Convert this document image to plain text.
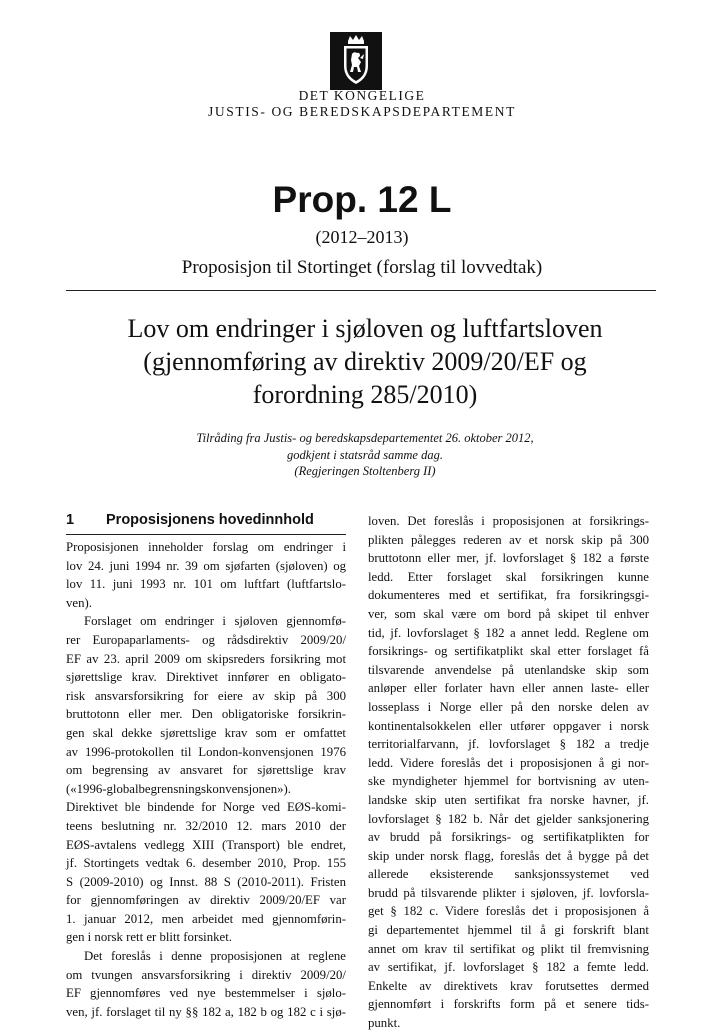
DET KONGELIGE
JUSTIS- OG BEREDSKAPSDEPARTEMENT
Prop. 12 L
(2012–2013)
Proposisjon til Stortinget (forslag til lovvedtak)
Lov om endringer i sjøloven og luftfartsloven
(gjennomføring av direktiv 2009/20/EF og
forordning 285/2010)
Tilråding fra Justis- og beredskapsdepartementet 26. oktober 2012,
godkjent i statsråd samme dag.
(Regjeringen Stoltenberg II)
1 Proposisjonens hovedinnhold
Proposisjonen inneholder forslag om endringer i
lov 24. juni 1994 nr. 39 om sjøfarten (sjøloven) og
lov 11. juni 1993 nr. 101 om luftfart (luftfartslo-
ven).
Forslaget om endringer i sjøloven gjennomfø-
rer Europaparlaments- og rådsdirektiv 2009/20/
EF av 23. april 2009 om skipsreders forsikring mot
sjørettslige krav. Direktivet innfører en obligato-
risk ansvarsforsikring for eiere av skip på 300
bruttotonn eller mer. Den obligatoriske forsikrin-
gen skal dekke sjørettslige krav som er omfattet
av 1996-protokollen til London-konvensjonen 1976
om begrensing av ansvaret for sjørettslige krav
(«1996-globalbegrensningskonvensjonen»).
Direktivet ble bindende for Norge ved EØS-komi-
teens beslutning nr. 32/2010 12. mars 2010 der
EØS-avtalens vedlegg XIII (Transport) ble endret,
jf. Stortingets vedtak 6. desember 2010, Prop. 155
S (2009-2010) og Innst. 88 S (2010-2011). Fristen
for gjennomføringen av direktiv 2009/20/EF var
1. januar 2012, men arbeidet med gjennomførin-
gen i norsk rett er blitt forsinket.
Det foreslås i denne proposisjonen at reglene
om tvungen ansvarsforsikring i direktiv 2009/20/
EF gjennomføres ved nye bestemmelser i sjølo-
ven, jf. forslaget til ny §§ 182 a, 182 b og 182 c i sjø-
loven. Det foreslås i proposisjonen at forsikrings-
plikten pålegges rederen av et norsk skip på 300
bruttotonn eller mer, jf. lovforslaget § 182 a første
ledd. Etter forslaget skal forsikringen kunne
dokumenteres med et sertifikat, fra forsikringsgi-
ver, som skal være om bord på skipet til enhver
tid, jf. lovforslaget § 182 a annet ledd. Reglene om
forsikrings- og sertifikatplikt skal etter forslaget få
tilsvarende anvendelse på utenlandske skip som
anløper eller forlater havn eller annen laste- eller
losseplass i Norge eller på den norske delen av
kontinentalsokkelen eller utfører oppgaver i norsk
territorialfarvann, jf. lovforslaget § 182 a tredje
ledd. Videre foreslås det i proposisjonen å gi nor-
ske myndigheter hjemmel for bortvisning av uten-
landske skip uten sertifikat fra norske havner, jf.
lovforslaget § 182 b. Når det gjelder sanksjonering
av brudd på forsikrings- og sertifikatplikten for
skip under norsk flagg, foreslås det å bygge på det
allerede eksisterende sanksjonssystemet ved
brudd på tilsvarende plikter i sjøloven, jf. lovforsla-
get § 182 c. Videre foreslås det i proposisjonen å
gi departementet hjemmel til å gi forskrift blant
annet om krav til sertifikat og plikt til fremvisning
av sertifikat, jf. lovforslaget § 182 a femte ledd.
Enkelte av direktivets krav forutsettes dermed
gjennomført i forskrifts form på et senere tids-
punkt.
